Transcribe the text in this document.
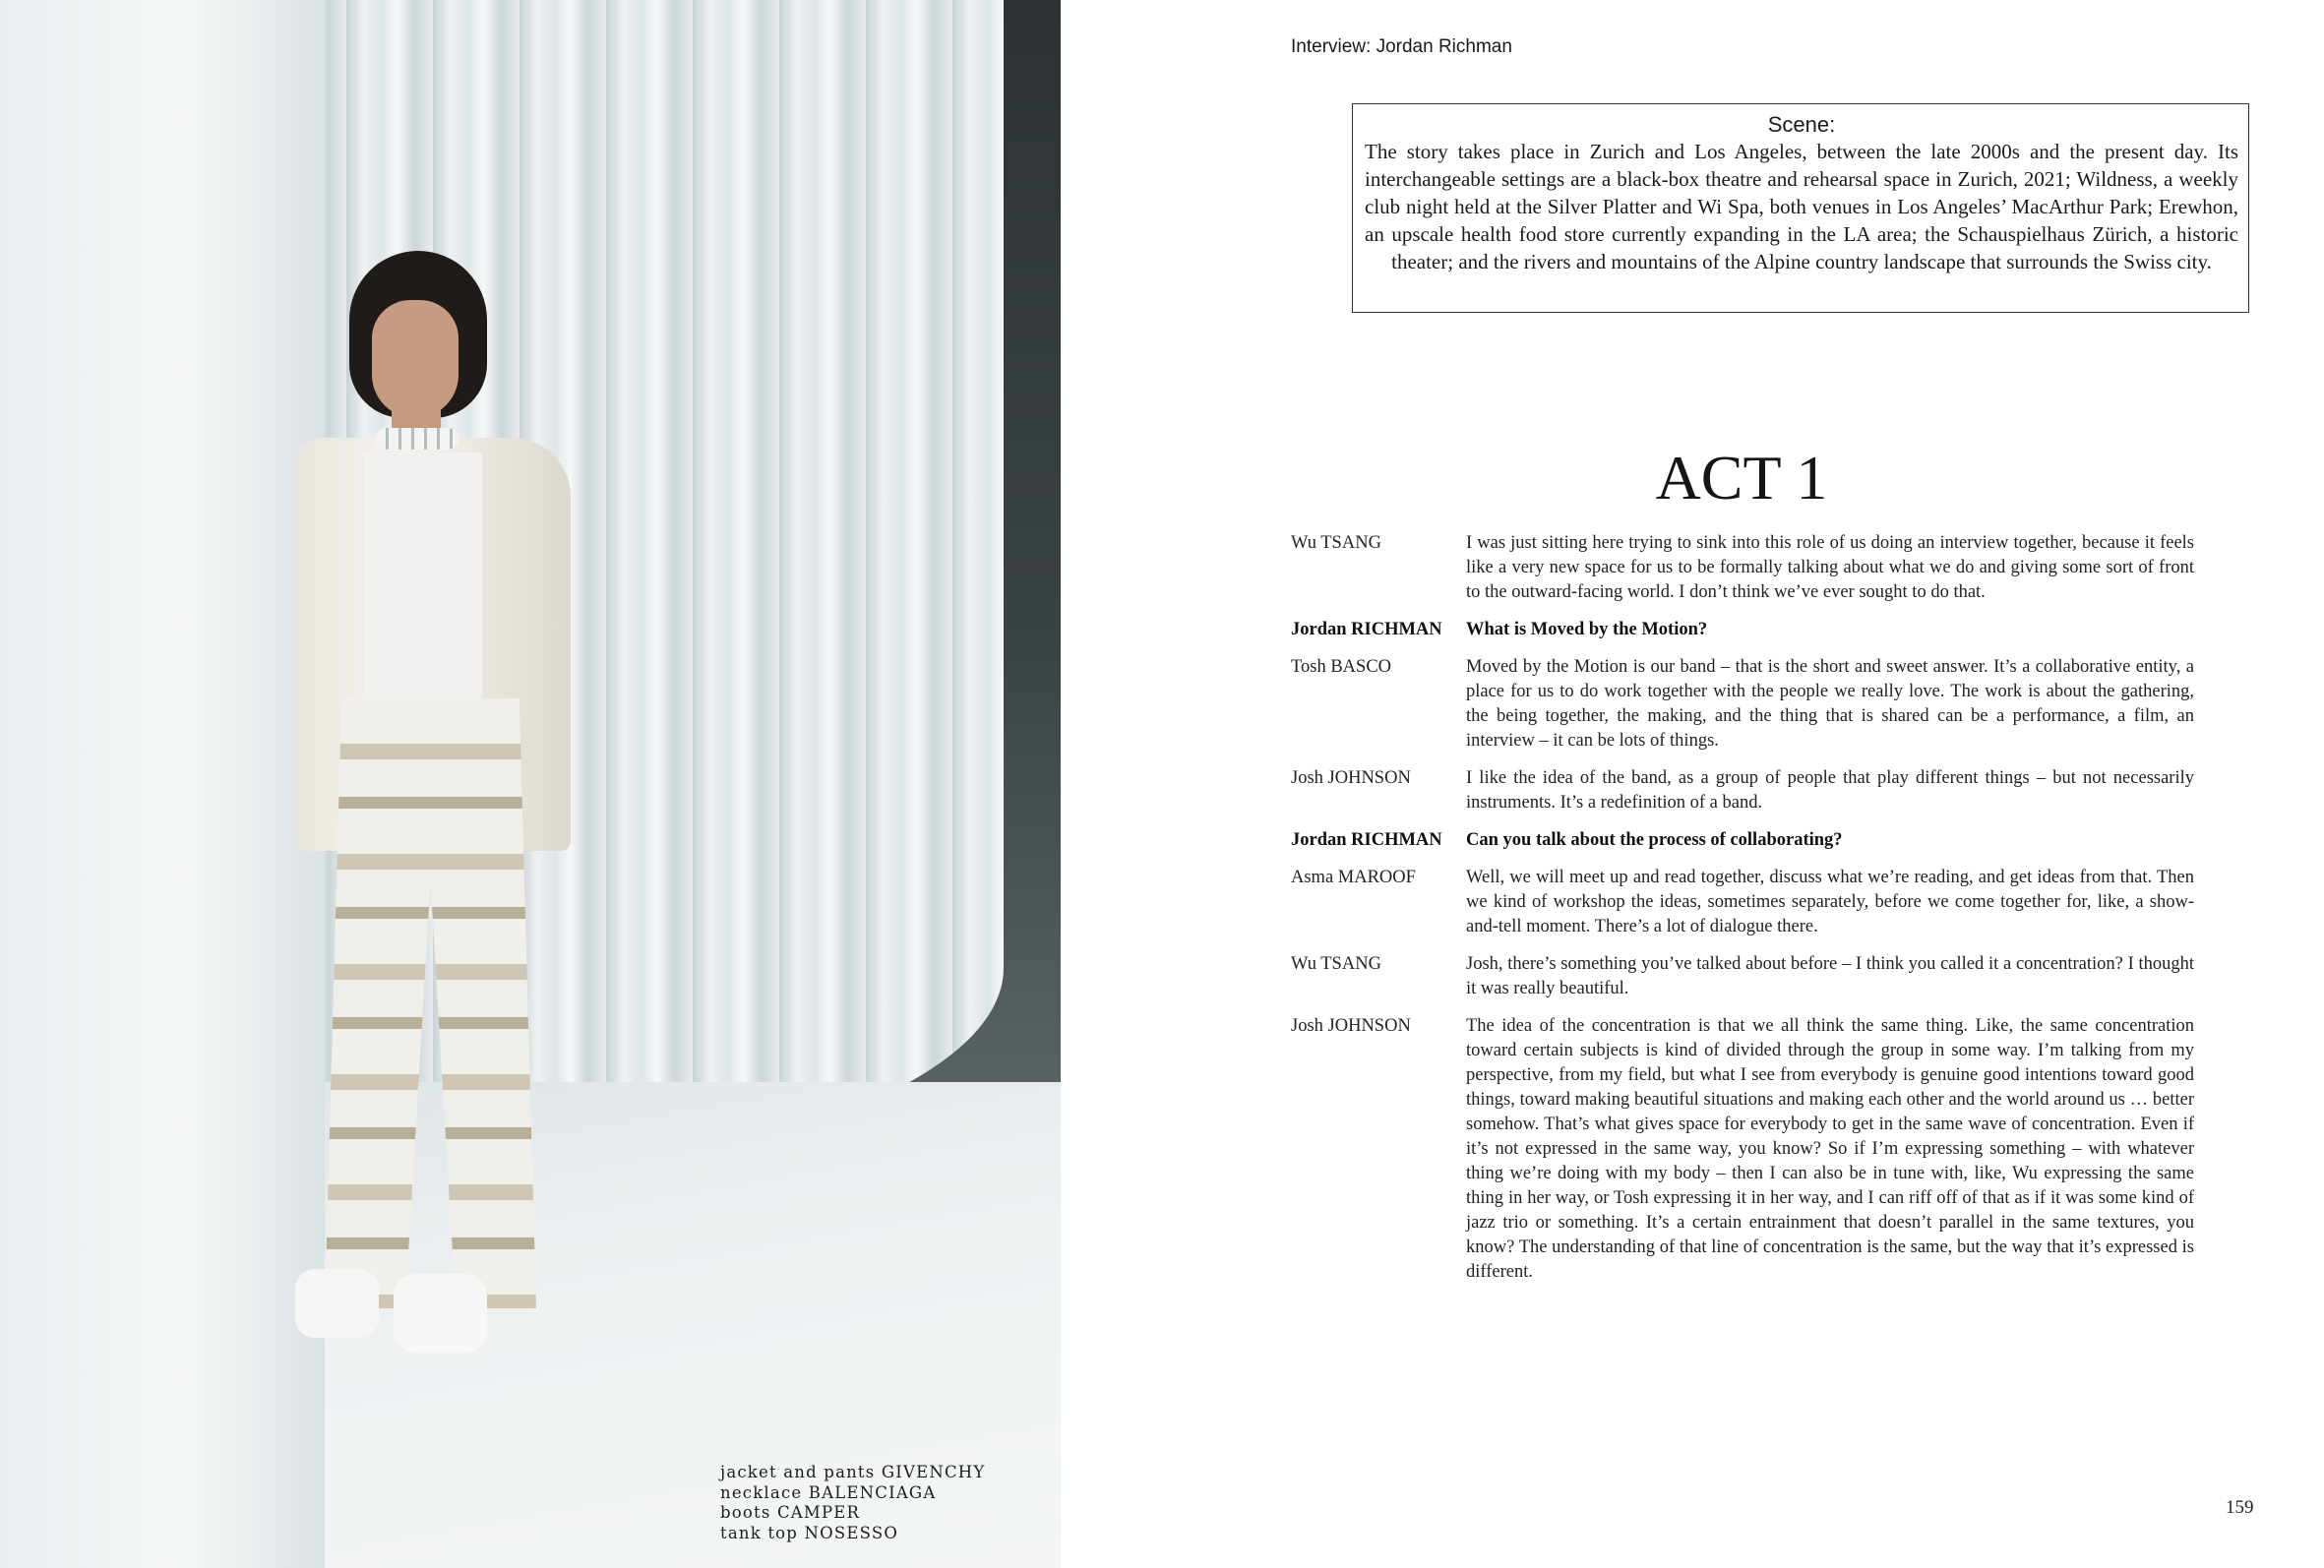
jacket and pants GIVENCHY
necklace BALENCIAGA
boots CAMPER
tank top NOSESSO
Interview: Jordan Richman
Scene:
The story takes place in Zurich and Los Angeles, between the late 2000s and the present day. Its interchangeable settings are a black-box theatre and rehearsal space in Zurich, 2021; Wildness, a weekly club night held at the Silver Platter and Wi Spa, both venues in Los Angeles’ MacArthur Park; Erewhon, an upscale health food store currently expanding in the LA area; the Schauspielhaus Zürich, a historic theater; and the rivers and mountains of the Alpine country landscape that surrounds the Swiss city.
ACT 1
Wu TSANG	I was just sitting here trying to sink into this role of us doing an interview together, because it feels like a very new space for us to be formally talking about what we do and giving some sort of front to the outward-facing world. I don’t think we’ve ever sought to do that.
Jordan RICHMAN	What is Moved by the Motion?
Tosh BASCO	Moved by the Motion is our band – that is the short and sweet answer. It’s a collaborative entity, a place for us to do work together with the people we really love. The work is about the gathering, the being together, the making, and the thing that is shared can be a performance, a film, an interview – it can be lots of things.
Josh JOHNSON	I like the idea of the band, as a group of people that play different things – but not necessarily instruments. It’s a redefinition of a band.
Jordan RICHMAN	Can you talk about the process of collaborating?
Asma MAROOF	Well, we will meet up and read together, discuss what we’re reading, and get ideas from that. Then we kind of workshop the ideas, sometimes separately, before we come together for, like, a show-and-tell moment. There’s a lot of dialogue there.
Wu TSANG	Josh, there’s something you’ve talked about before – I think you called it a concentration? I thought it was really beautiful.
Josh JOHNSON	The idea of the concentration is that we all think the same thing. Like, the same concentration toward certain subjects is kind of divided through the group in some way. I’m talking from my perspective, from my field, but what I see from everybody is genuine good intentions toward good things, toward making beautiful situations and making each other and the world around us … better somehow. That’s what gives space for everybody to get in the same wave of concentration. Even if it’s not expressed in the same way, you know? So if I’m expressing something – with whatever thing we’re doing with my body – then I can also be in tune with, like, Wu expressing the same thing in her way, or Tosh expressing it in her way, and I can riff off of that as if it was some kind of jazz trio or something. It’s a certain entrainment that doesn’t parallel in the same textures, you know? The understanding of that line of concentration is the same, but the way that it’s expressed is different.
159
